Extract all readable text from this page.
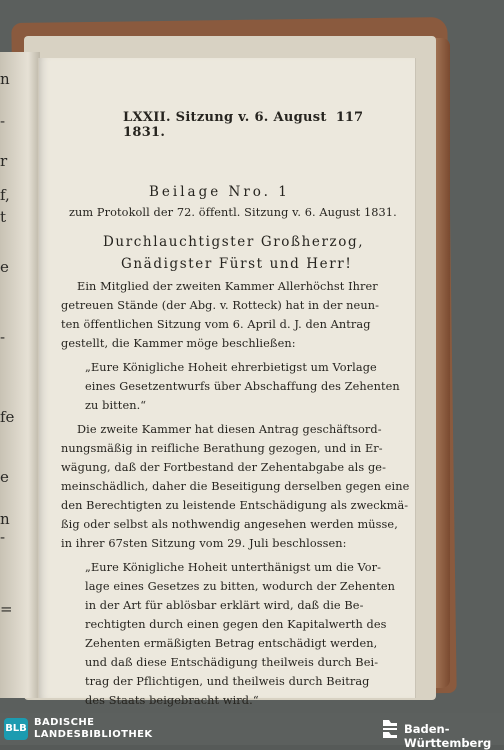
n
-
r
f,
t
e
-
fe
e
n
-
=
LXXII. Sitzung v. 6. August 1831.
117
Beilage Nro. 1
zum Protokoll der 72. öffentl. Sitzung v. 6. August 1831.
Durchlauchtigster Großherzog,
Gnädigster Fürst und Herr!
Ein Mitglied der zweiten Kammer Allerhöchst Ihrer
getreuen Stände (der Abg. v. Rotteck) hat in der neun-
ten öffentlichen Sitzung vom 6. April d. J. den Antrag
gestellt, die Kammer möge beschließen:
„Eure Königliche Hoheit ehrerbietigst um Vorlage
eines Gesetzentwurfs über Abschaffung des Zehenten
zu bitten.“
Die zweite Kammer hat diesen Antrag geschäftsord-
nungsmäßig in reifliche Berathung gezogen, und in Er-
wägung, daß der Fortbestand der Zehentabgabe als ge-
meinschädlich, daher die Beseitigung derselben gegen eine
den Berechtigten zu leistende Entschädigung als zweckmä-
ßig oder selbst als nothwendig angesehen werden müsse,
in ihrer 67sten Sitzung vom 29. Juli beschlossen:
„Eure Königliche Hoheit unterthänigst um die Vor-
lage eines Gesetzes zu bitten, wodurch der Zehenten
in der Art für ablösbar erklärt wird, daß die Be-
rechtigten durch einen gegen den Kapitalwerth des
Zehenten ermäßigten Betrag entschädigt werden,
und daß diese Entschädigung theilweis durch Bei-
trag der Pflichtigen, und theilweis durch Beitrag
des Staats beigebracht wird.“
BLB
BADISCHE
LANDESBIBLIOTHEK	Baden-Württemberg
